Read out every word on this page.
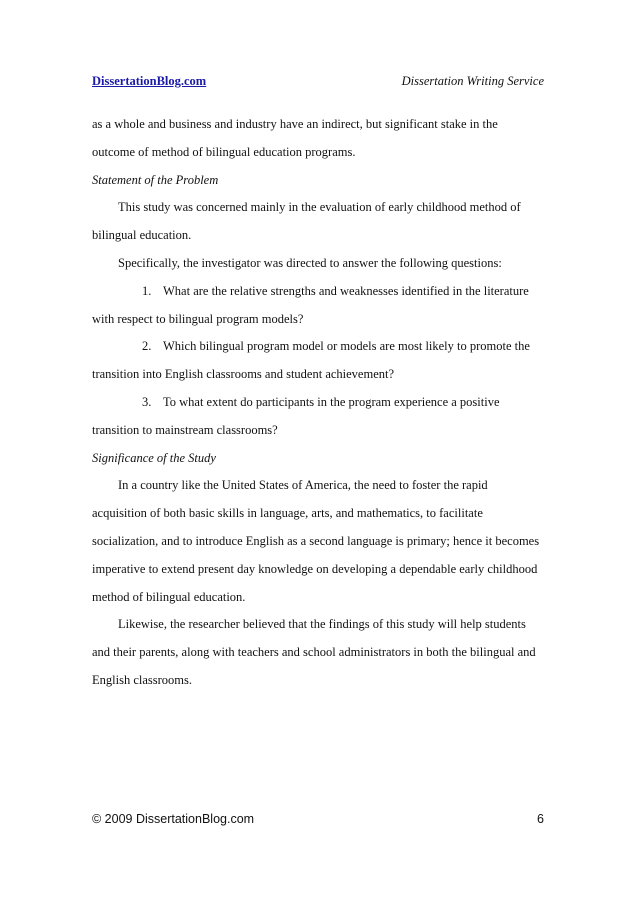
DissertationBlog.com	Dissertation Writing Service

as a whole and business and industry have an indirect, but significant stake in the

outcome of method of bilingual education programs.

Statement of the Problem

This study was concerned mainly in the evaluation of early childhood method of

bilingual education.

Specifically, the investigator was directed to answer the following questions:

1. What are the relative strengths and weaknesses identified in the literature

with respect to bilingual program models?

2. Which bilingual program model or models are most likely to promote the

transition into English classrooms and student achievement?

3. To what extent do participants in the program experience a positive

transition to mainstream classrooms?

Significance of the Study

In a country like the United States of America, the need to foster the rapid

acquisition of both basic skills in language, arts, and mathematics, to facilitate

socialization, and to introduce English as a second language is primary; hence it becomes

imperative to extend present day knowledge on developing a dependable early childhood

method of bilingual education.

Likewise, the researcher believed that the findings of this study will help students

and their parents, along with teachers and school administrators in both the bilingual and

English classrooms.

© 2009 DissertationBlog.com	6
